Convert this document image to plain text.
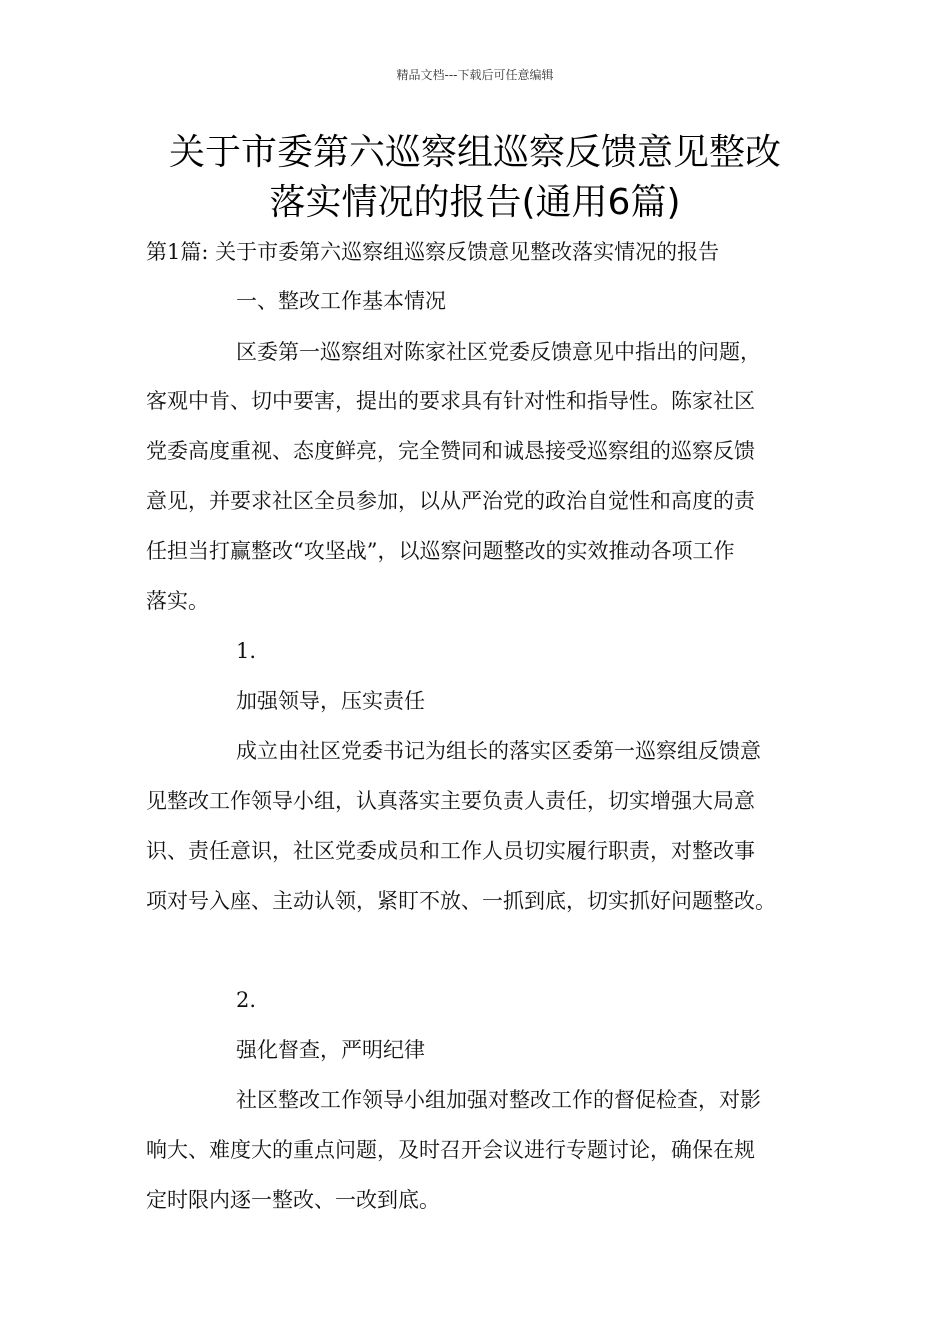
精品文档---下载后可任意编辑
关于市委第六巡察组巡察反馈意见整改
落实情况的报告(通用6篇)
第1篇: 关于市委第六巡察组巡察反馈意见整改落实情况的报告
一、整改工作基本情况
区委第一巡察组对陈家社区党委反馈意见中指出的问题，
客观中肯、切中要害，提出的要求具有针对性和指导性。陈家社区
党委高度重视、态度鲜亮，完全赞同和诚恳接受巡察组的巡察反馈
意见，并要求社区全员参加，以从严治党的政治自觉性和高度的责
任担当打赢整改“攻坚战”，以巡察问题整改的实效推动各项工作
落实。
1.
加强领导，压实责任
成立由社区党委书记为组长的落实区委第一巡察组反馈意
见整改工作领导小组，认真落实主要负责人责任，切实增强大局意
识、责任意识，社区党委成员和工作人员切实履行职责，对整改事
项对号入座、主动认领，紧盯不放、一抓到底，切实抓好问题整改。
2.
强化督查，严明纪律
社区整改工作领导小组加强对整改工作的督促检查，对影
响大、难度大的重点问题，及时召开会议进行专题讨论，确保在规
定时限内逐一整改、一改到底。
